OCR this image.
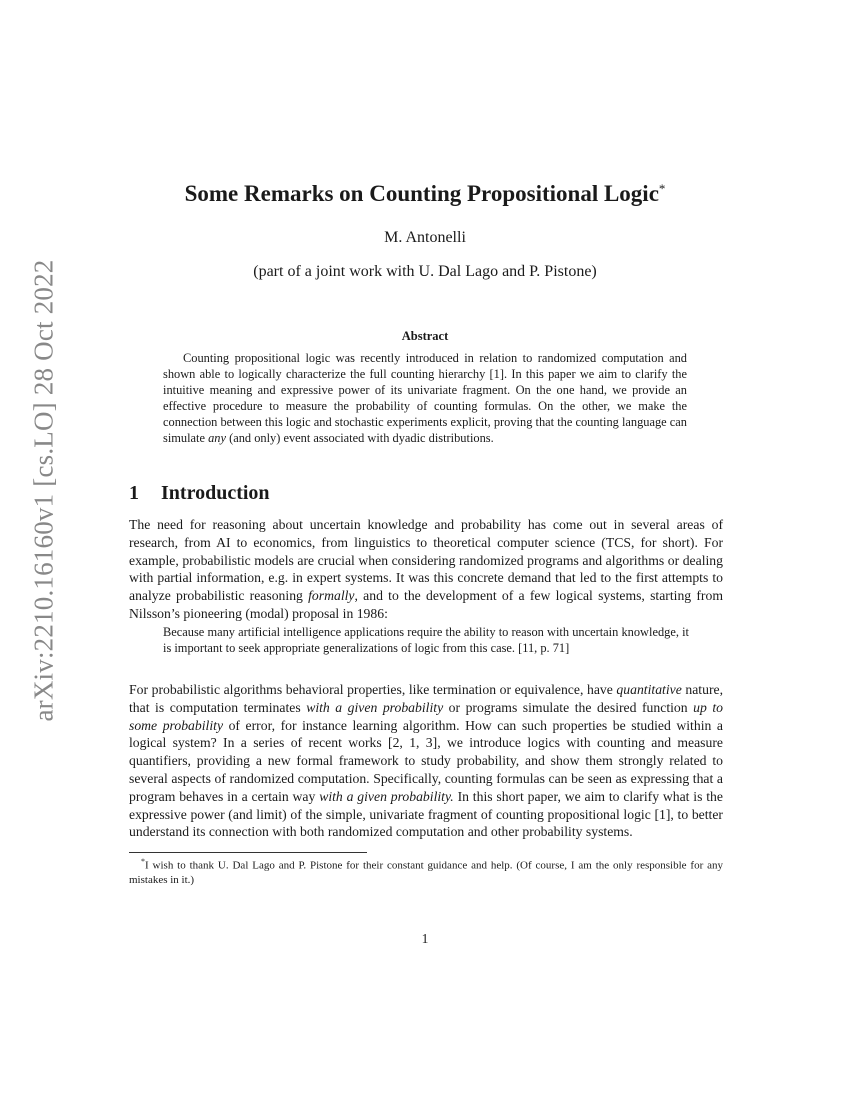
arXiv:2210.16160v1 [cs.LO] 28 Oct 2022
Some Remarks on Counting Propositional Logic*
M. Antonelli
(part of a joint work with U. Dal Lago and P. Pistone)
Abstract

Counting propositional logic was recently introduced in relation to randomized computation and shown able to logically characterize the full counting hierarchy [1]. In this paper we aim to clarify the intuitive meaning and expressive power of its univariate fragment. On the one hand, we provide an effective procedure to measure the probability of counting formulas. On the other, we make the connection between this logic and stochastic experiments explicit, proving that the counting language can simulate any (and only) event associated with dyadic distributions.

1 Introduction

The need for reasoning about uncertain knowledge and probability has come out in several areas of research, from AI to economics, from linguistics to theoretical computer science (TCS, for short). For example, probabilistic models are crucial when considering randomized programs and algorithms or dealing with partial information, e.g. in expert systems. It was this concrete demand that led to the first attempts to analyze probabilistic reasoning formally, and to the development of a few logical systems, starting from Nilsson’s pioneering (modal) proposal in 1986:

Because many artificial intelligence applications require the ability to reason with uncertain knowledge, it is important to seek appropriate generalizations of logic from this case. [11, p. 71]

For probabilistic algorithms behavioral properties, like termination or equivalence, have quantitative nature, that is computation terminates with a given probability or programs simulate the desired function up to some probability of error, for instance learning algorithm. How can such properties be studied within a logical system? In a series of recent works [2, 1, 3], we introduce logics with counting and measure quantifiers, providing a new formal framework to study probability, and show them strongly related to several aspects of randomized computation. Specifically, counting formulas can be seen as expressing that a program behaves in a certain way with a given probability. In this short paper, we aim to clarify what is the expressive power (and limit) of the simple, univariate fragment of counting propositional logic [1], to better understand its connection with both randomized computation and other probability systems.

*I wish to thank U. Dal Lago and P. Pistone for their constant guidance and help. (Of course, I am the only responsible for any mistakes in it.)

1
